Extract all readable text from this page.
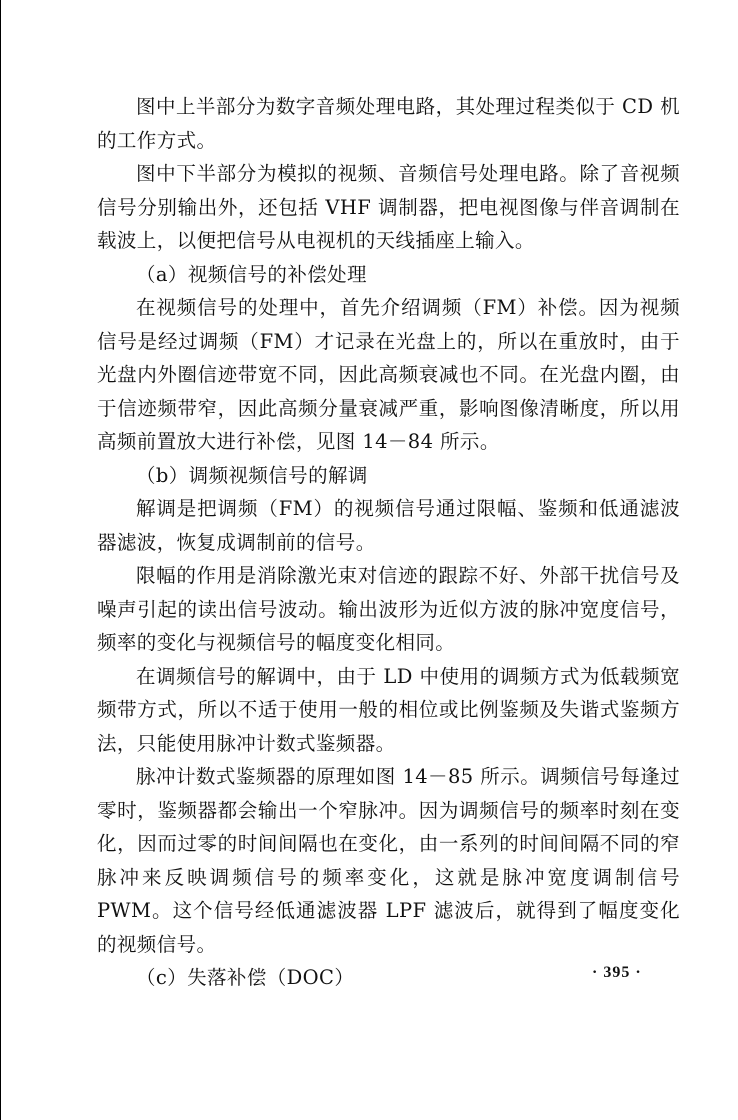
图中上半部分为数字音频处理电路，其处理过程类似于 CD 机的工作方式。

图中下半部分为模拟的视频、音频信号处理电路。除了音视频信号分别输出外，还包括 VHF 调制器，把电视图像与伴音调制在载波上，以便把信号从电视机的天线插座上输入。

（a）视频信号的补偿处理

在视频信号的处理中，首先介绍调频（FM）补偿。因为视频信号是经过调频（FM）才记录在光盘上的，所以在重放时，由于光盘内外圈信迹带宽不同，因此高频衰减也不同。在光盘内圈，由于信迹频带窄，因此高频分量衰减严重，影响图像清晰度，所以用高频前置放大进行补偿，见图 14－84 所示。

（b）调频视频信号的解调

解调是把调频（FM）的视频信号通过限幅、鉴频和低通滤波器滤波，恢复成调制前的信号。

限幅的作用是消除激光束对信迹的跟踪不好、外部干扰信号及噪声引起的读出信号波动。输出波形为近似方波的脉冲宽度信号，频率的变化与视频信号的幅度变化相同。

在调频信号的解调中，由于 LD 中使用的调频方式为低载频宽频带方式，所以不适于使用一般的相位或比例鉴频及失谐式鉴频方法，只能使用脉冲计数式鉴频器。

脉冲计数式鉴频器的原理如图 14－85 所示。调频信号每逢过零时，鉴频器都会输出一个窄脉冲。因为调频信号的频率时刻在变化，因而过零的时间间隔也在变化，由一系列的时间间隔不同的窄脉冲来反映调频信号的频率变化，这就是脉冲宽度调制信号 PWM。这个信号经低通滤波器 LPF 滤波后，就得到了幅度变化的视频信号。

（c）失落补偿（DOC）	· 395 ·
